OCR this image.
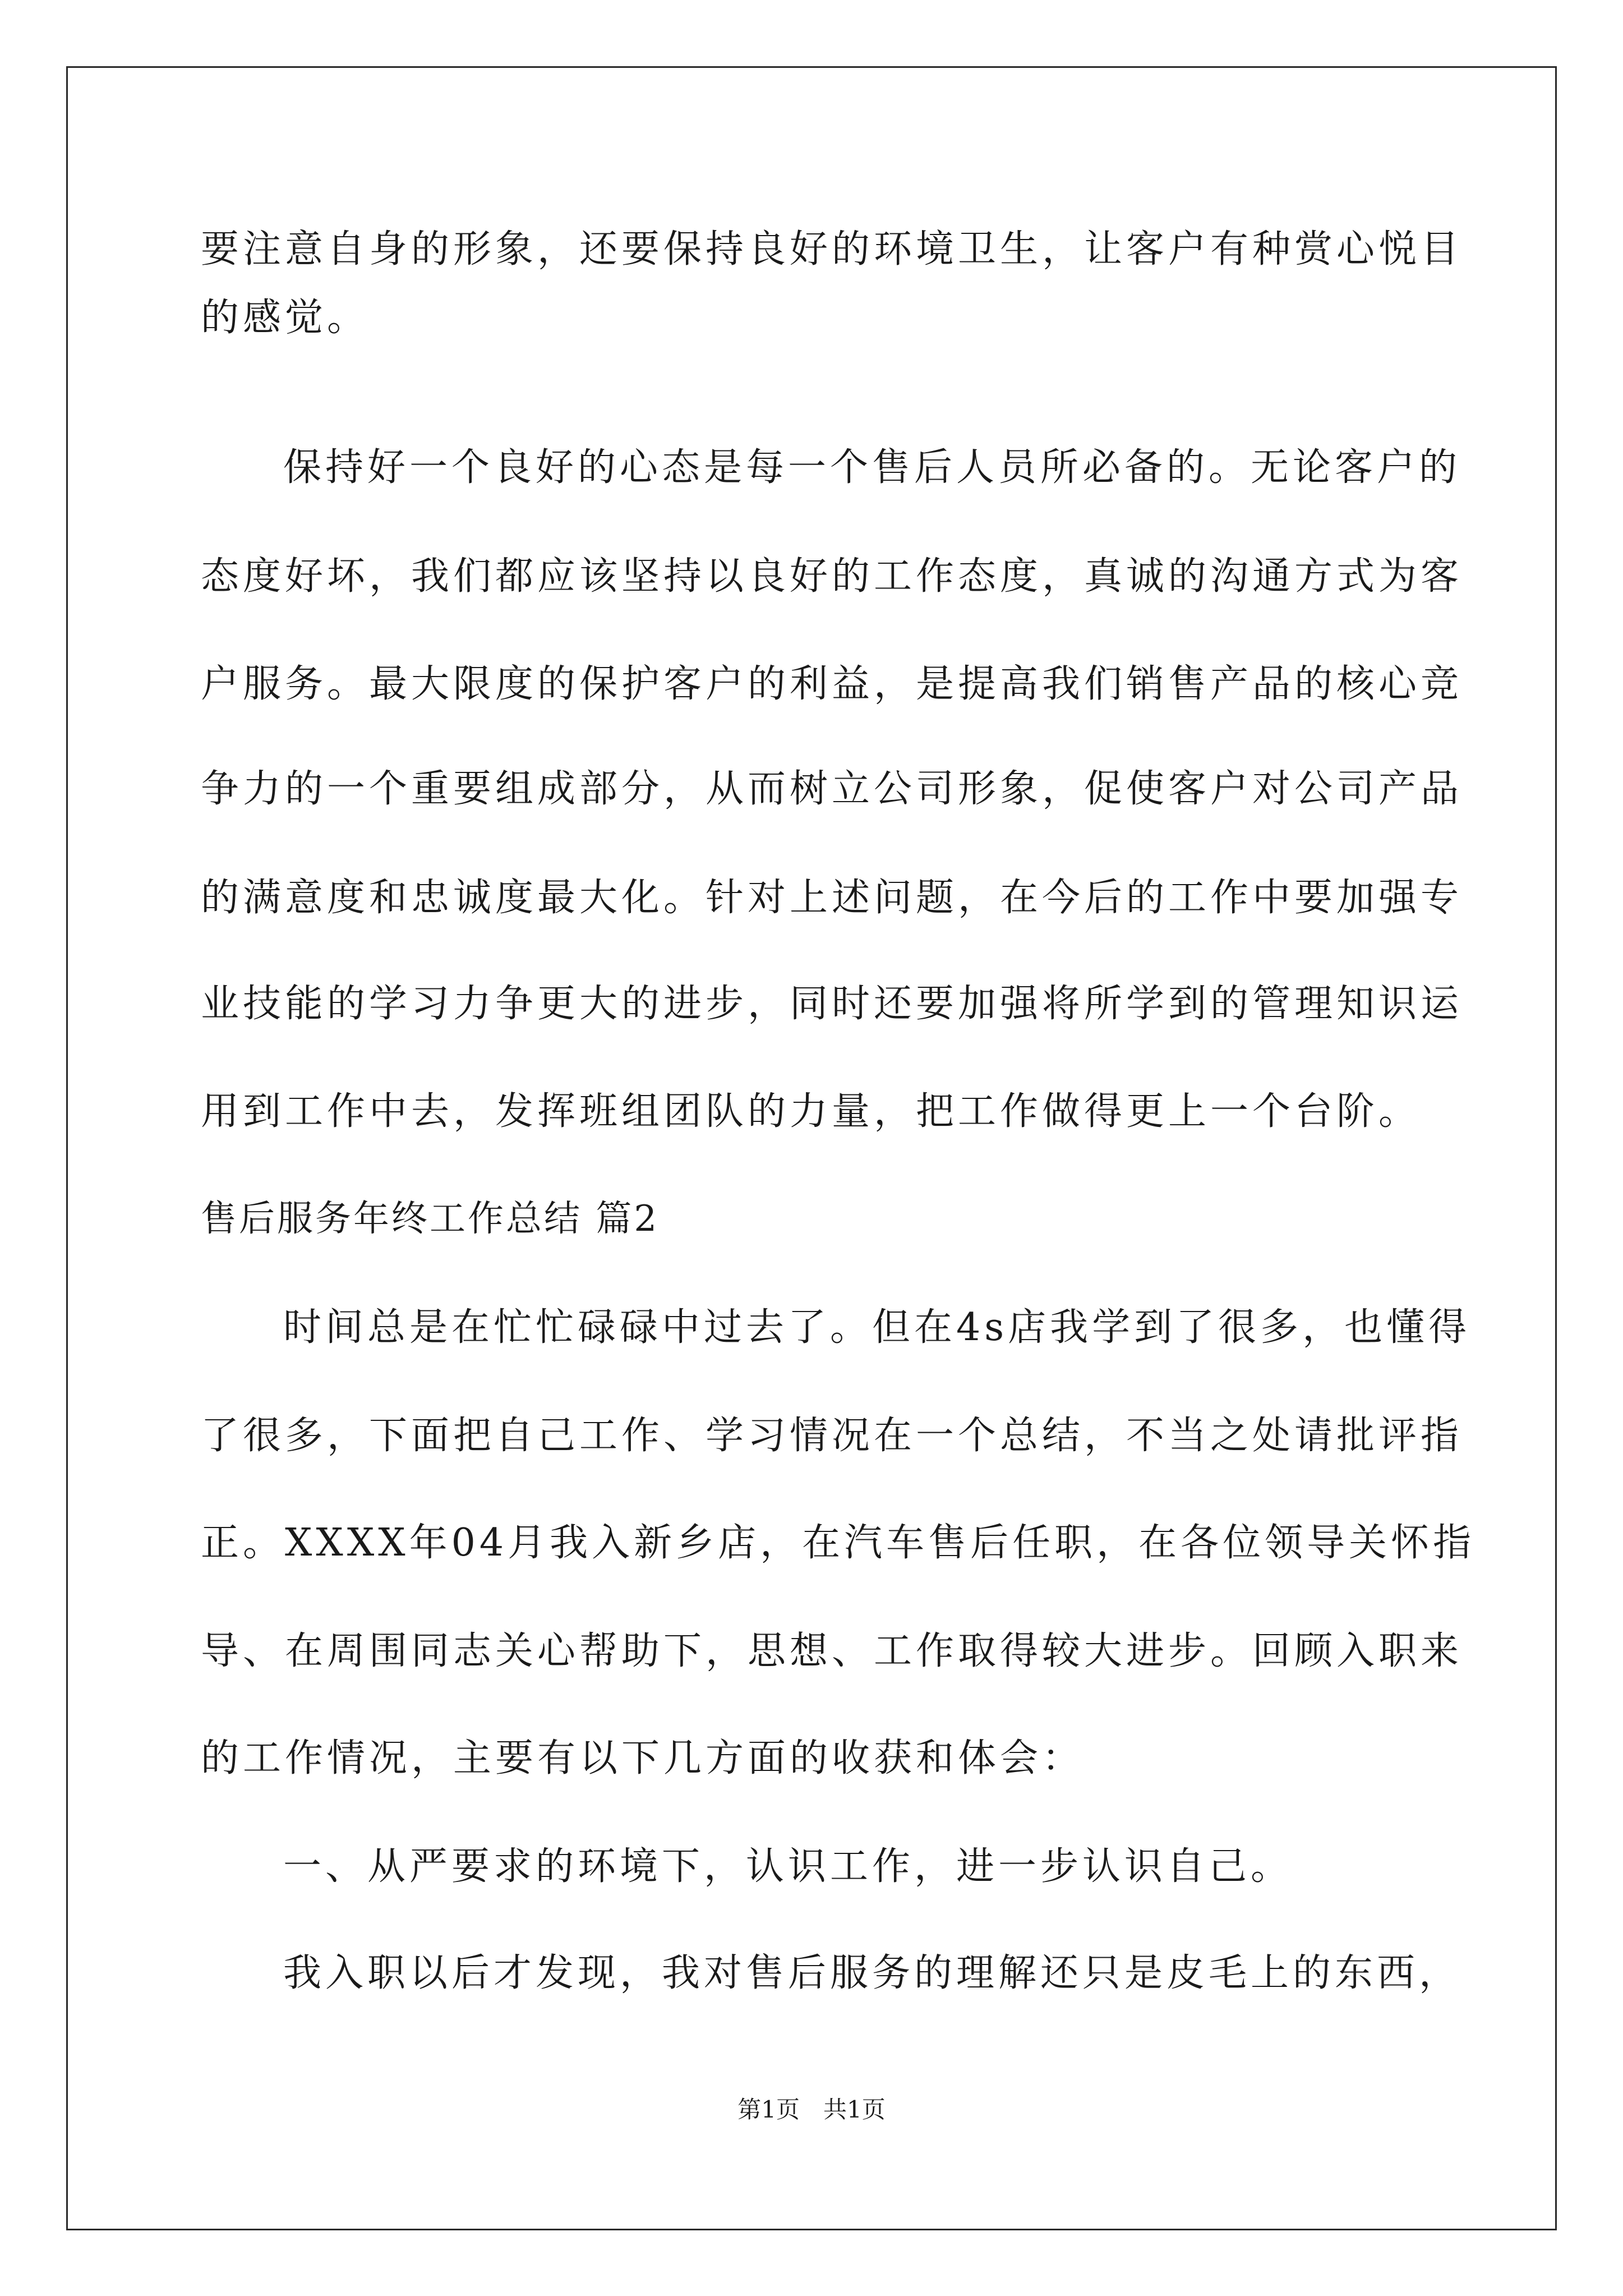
要注意自身的形象，还要保持良好的环境卫生，让客户有种赏心悦目
的感觉。
保持好一个良好的心态是每一个售后人员所必备的。无论客户的
态度好坏，我们都应该坚持以良好的工作态度，真诚的沟通方式为客
户服务。最大限度的保护客户的利益，是提高我们销售产品的核心竞
争力的一个重要组成部分，从而树立公司形象，促使客户对公司产品
的满意度和忠诚度最大化。针对上述问题，在今后的工作中要加强专
业技能的学习力争更大的进步，同时还要加强将所学到的管理知识运
用到工作中去，发挥班组团队的力量，把工作做得更上一个台阶。
售后服务年终工作总结 篇2
时间总是在忙忙碌碌中过去了。但在4s店我学到了很多，也懂得
了很多，下面把自己工作、学习情况在一个总结，不当之处请批评指
正。XXXX年04月我入新乡店，在汽车售后任职，在各位领导关怀指
导、在周围同志关心帮助下，思想、工作取得较大进步。回顾入职来
的工作情况，主要有以下几方面的收获和体会：
一、从严要求的环境下，认识工作，进一步认识自己。
我入职以后才发现，我对售后服务的理解还只是皮毛上的东西，
第1页　共1页
